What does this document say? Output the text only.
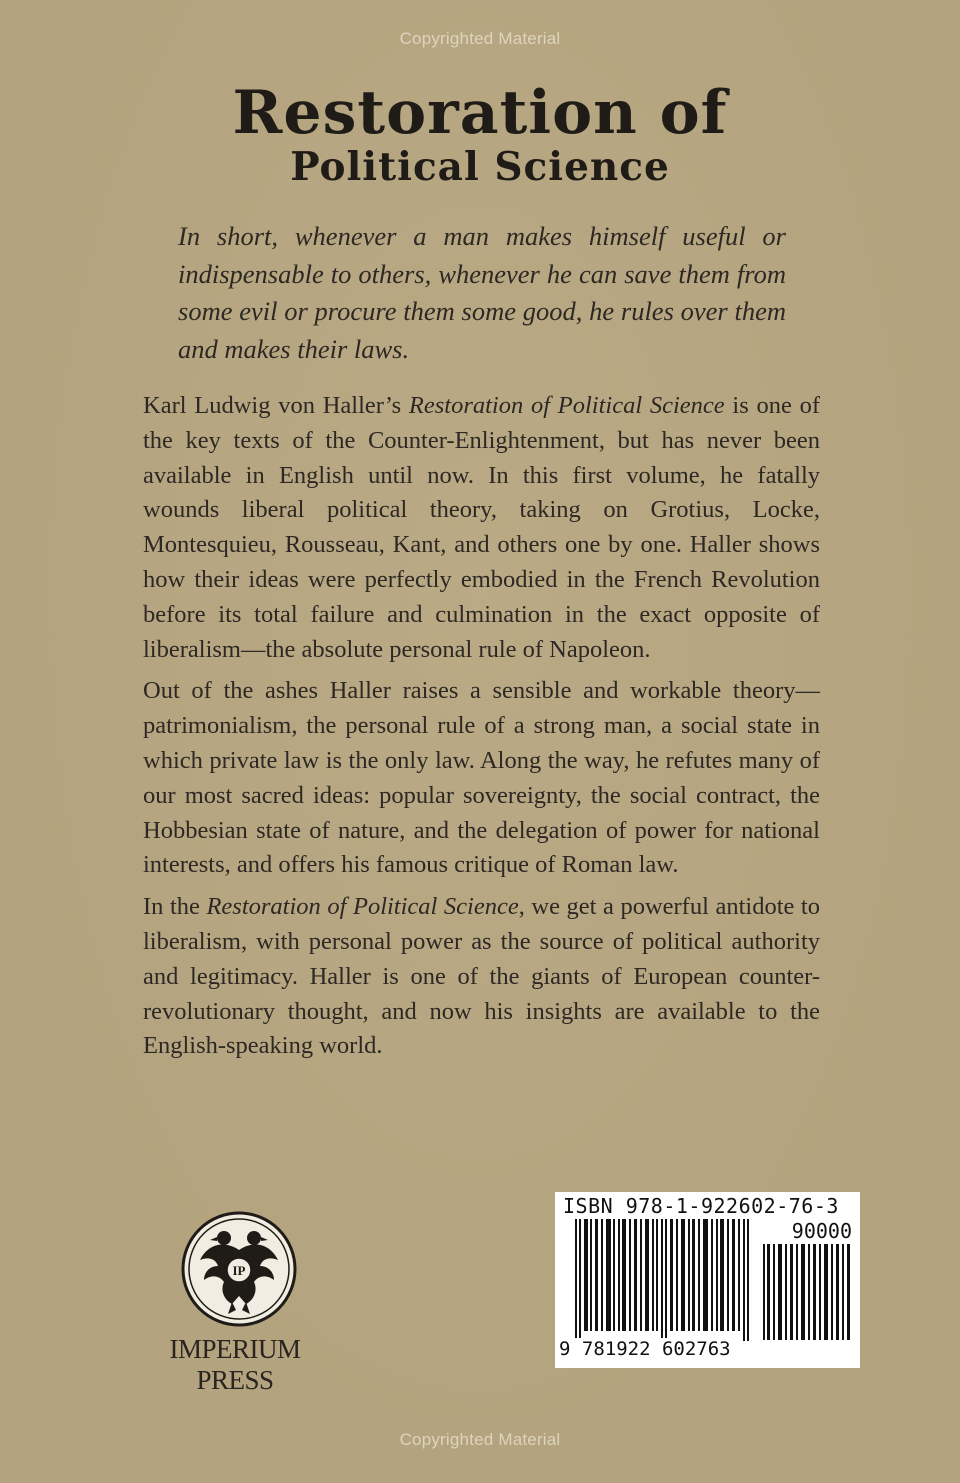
Copyrighted Material
Restoration of
Political Science
In short, whenever a man makes himself useful or indispensable to others, whenever he can save them from some evil or procure them some good, he rules over them and makes their laws.

Karl Ludwig von Haller’s Restoration of Political Science is one of the key texts of the Counter-Enlightenment, but has never been available in English until now. In this first volume, he fatally wounds liberal political theory, taking on Grotius, Locke, Montesquieu, Rousseau, Kant, and others one by one. Haller shows how their ideas were perfectly embodied in the French Revolution before its total failure and culmination in the exact opposite of liberalism—the absolute personal rule of Napoleon.

Out of the ashes Haller raises a sensible and workable theory—patrimonialism, the personal rule of a strong man, a social state in which private law is the only law. Along the way, he refutes many of our most sacred ideas: popular sovereignty, the social contract, the Hobbesian state of nature, and the delegation of power for national interests, and offers his famous critique of Roman law.

In the Restoration of Political Science, we get a powerful antidote to liberalism, with personal power as the source of political authority and legitimacy. Haller is one of the giants of European counter-revolutionary thought, and now his insights are available to the English-speaking world.

IP
IMPERIUM PRESS
ISBN 978-1-922602-76-3
90000
9 781922 602763
Copyrighted Material
